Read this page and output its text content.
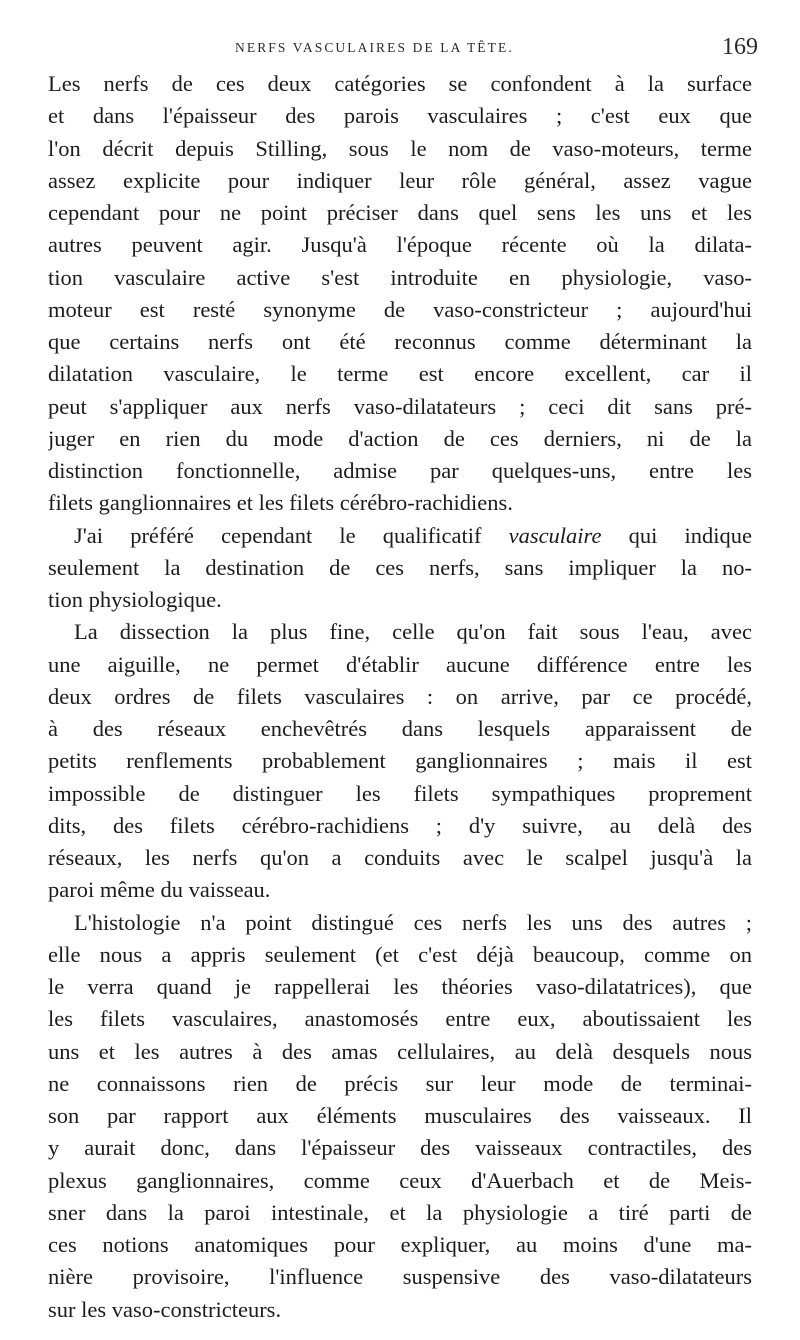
NERFS VASCULAIRES DE LA TÊTE.	169
Les nerfs de ces deux catégories se confondent à la surface
et dans l'épaisseur des parois vasculaires ; c'est eux que
l'on décrit depuis Stilling, sous le nom de vaso-moteurs, terme
assez explicite pour indiquer leur rôle général, assez vague
cependant pour ne point préciser dans quel sens les uns et les
autres peuvent agir. Jusqu'à l'époque récente où la dilata-
tion vasculaire active s'est introduite en physiologie, vaso-
moteur est resté synonyme de vaso-constricteur ; aujourd'hui
que certains nerfs ont été reconnus comme déterminant la
dilatation vasculaire, le terme est encore excellent, car il
peut s'appliquer aux nerfs vaso-dilatateurs ; ceci dit sans pré-
juger en rien du mode d'action de ces derniers, ni de la
distinction fonctionnelle, admise par quelques-uns, entre les
filets ganglionnaires et les filets cérébro-rachidiens.
J'ai préféré cependant le qualificatif vasculaire qui indique
seulement la destination de ces nerfs, sans impliquer la no-
tion physiologique.
La dissection la plus fine, celle qu'on fait sous l'eau, avec
une aiguille, ne permet d'établir aucune différence entre les
deux ordres de filets vasculaires : on arrive, par ce procédé,
à des réseaux enchevêtrés dans lesquels apparaissent de
petits renflements probablement ganglionnaires ; mais il est
impossible de distinguer les filets sympathiques proprement
dits, des filets cérébro-rachidiens ; d'y suivre, au delà des
réseaux, les nerfs qu'on a conduits avec le scalpel jusqu'à la
paroi même du vaisseau.
L'histologie n'a point distingué ces nerfs les uns des autres ;
elle nous a appris seulement (et c'est déjà beaucoup, comme on
le verra quand je rappellerai les théories vaso-dilatatrices), que
les filets vasculaires, anastomosés entre eux, aboutissaient les
uns et les autres à des amas cellulaires, au delà desquels nous
ne connaissons rien de précis sur leur mode de terminai-
son par rapport aux éléments musculaires des vaisseaux. Il
y aurait donc, dans l'épaisseur des vaisseaux contractiles, des
plexus ganglionnaires, comme ceux d'Auerbach et de Meis-
sner dans la paroi intestinale, et la physiologie a tiré parti de
ces notions anatomiques pour expliquer, au moins d'une ma-
nière provisoire, l'influence suspensive des vaso-dilatateurs
sur les vaso-constricteurs.
